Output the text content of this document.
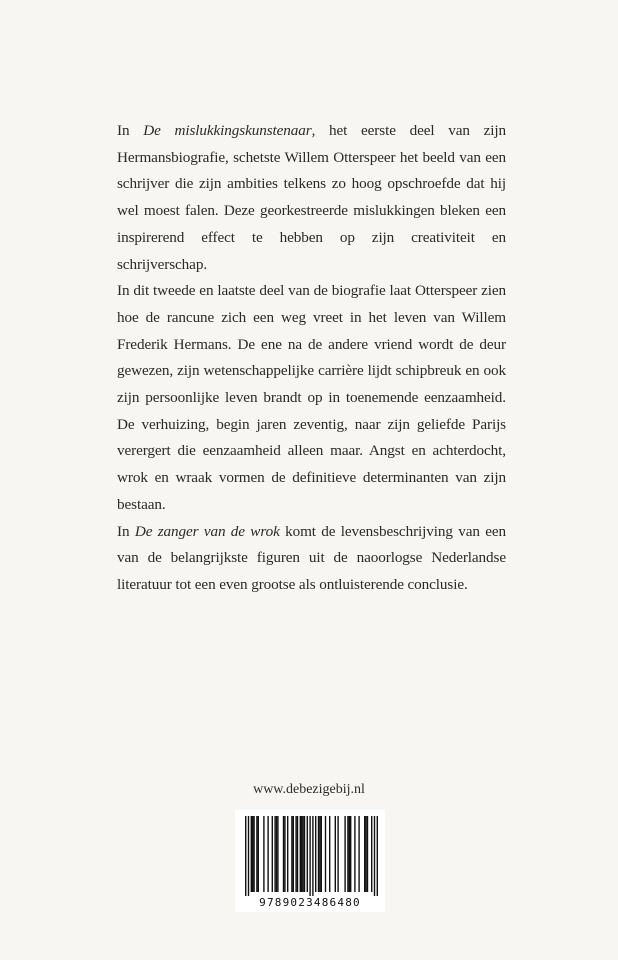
In De mislukkingskunstenaar, het eerste deel van zijn Hermansbiografie, schetste Willem Otterspeer het beeld van een schrijver die zijn ambities telkens zo hoog opschroefde dat hij wel moest falen. Deze georkestreerde mislukkingen bleken een inspirerend effect te hebben op zijn creativiteit en schrijverschap.

In dit tweede en laatste deel van de biografie laat Otterspeer zien hoe de rancune zich een weg vreet in het leven van Willem Frederik Hermans. De ene na de andere vriend wordt de deur gewezen, zijn wetenschappelijke carrière lijdt schipbreuk en ook zijn persoonlijke leven brandt op in toenemende eenzaamheid. De verhuizing, begin jaren zeventig, naar zijn geliefde Parijs verergert die eenzaamheid alleen maar. Angst en achterdocht, wrok en wraak vormen de definitieve determinanten van zijn bestaan.

In De zanger van de wrok komt de levensbeschrijving van een van de belangrijkste figuren uit de naoorlogse Nederlandse literatuur tot een even grootse als ontluisterende conclusie.

www.debezigebij.nl
9789023486480
